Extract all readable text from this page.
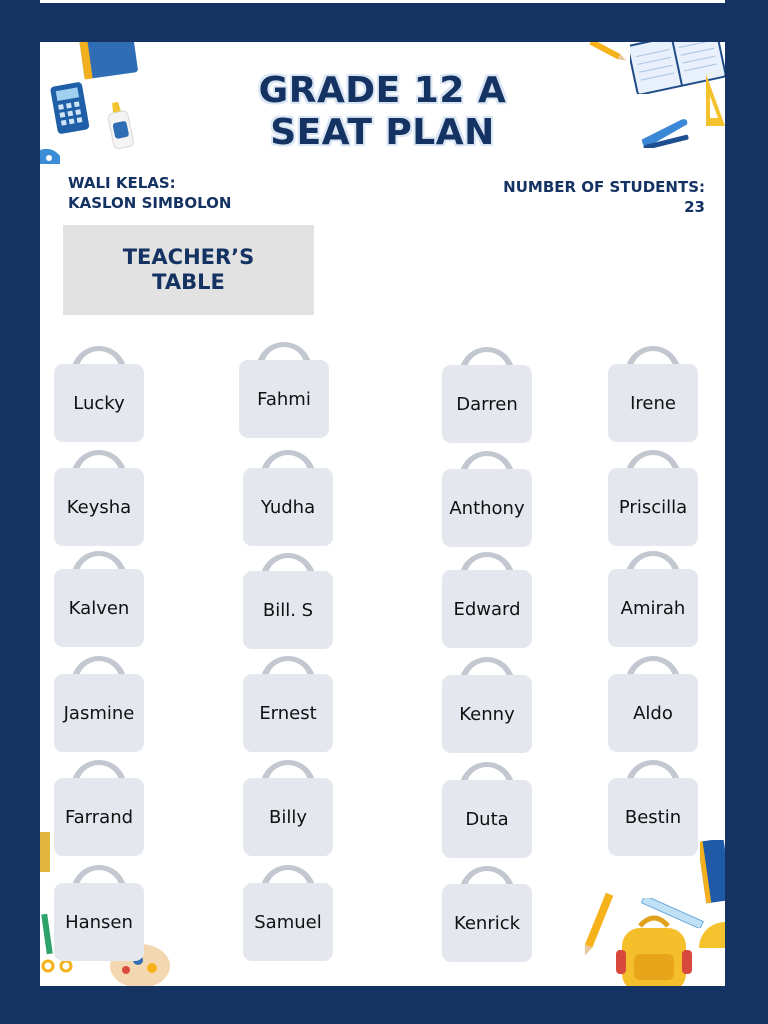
GRADE 12 A
SEAT PLAN
WALI KELAS:
KASLON SIMBOLON
NUMBER OF STUDENTS:
23
TEACHER’S
TABLE
Lucky	Fahmi	Darren	Irene
Keysha	Yudha	Anthony	Priscilla
Kalven	Bill. S	Edward	Amirah
Jasmine	Ernest	Kenny	Aldo
Farrand	Billy	Duta	Bestin
Hansen	Samuel	Kenrick
